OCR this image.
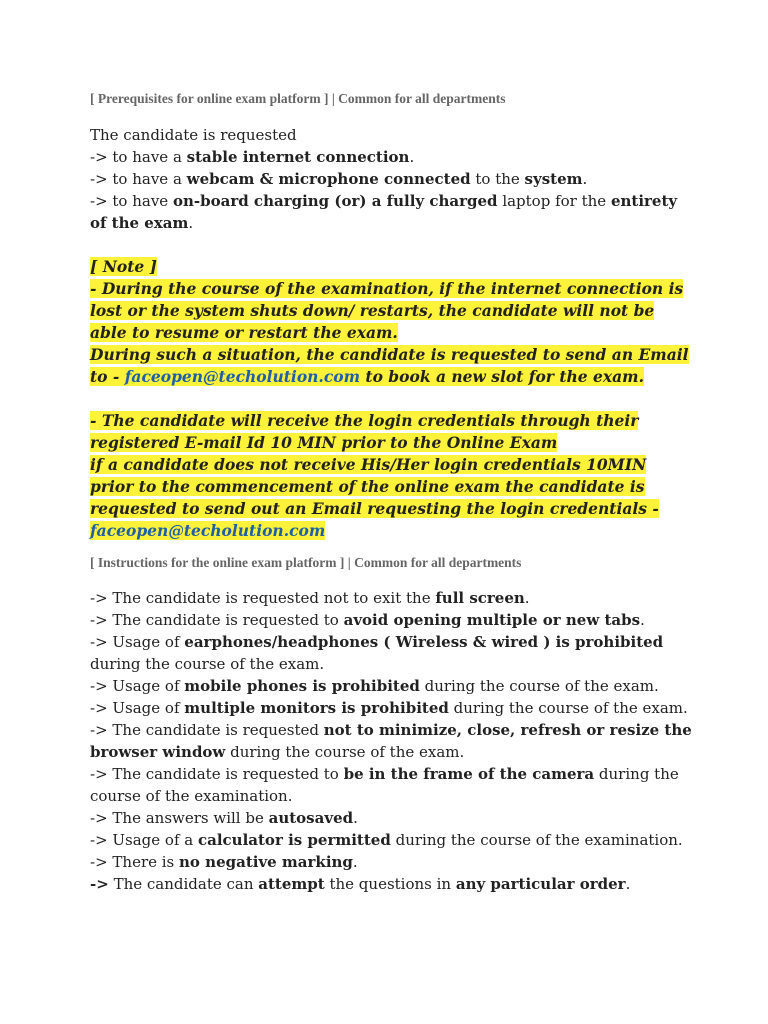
[ Prerequisites for online exam platform ] | Common for all departments
The candidate is requested
-> to have a stable internet connection.
-> to have a webcam & microphone connected to the system.
-> to have on-board charging (or) a fully charged laptop for the entirety
of the exam.
[ Note ]
- During the course of the examination, if the internet connection is
lost or the system shuts down/ restarts, the candidate will not be
able to resume or restart the exam.
During such a situation, the candidate is requested to send an Email
to - faceopen@techolution.com to book a new slot for the exam.
- The candidate will receive the login credentials through their
registered E-mail Id 10 MIN prior to the Online Exam
if a candidate does not receive His/Her login credentials 10MIN
prior to the commencement of the online exam the candidate is
requested to send out an Email requesting the login credentials -
faceopen@techolution.com
[ Instructions for the online exam platform ] | Common for all departments
-> The candidate is requested not to exit the full screen.
-> The candidate is requested to avoid opening multiple or new tabs.
-> Usage of earphones/headphones ( Wireless & wired ) is prohibited
during the course of the exam.
-> Usage of mobile phones is prohibited during the course of the exam.
-> Usage of multiple monitors is prohibited during the course of the exam.
-> The candidate is requested not to minimize, close, refresh or resize the
browser window during the course of the exam.
-> The candidate is requested to be in the frame of the camera during the
course of the examination.
-> The answers will be autosaved.
-> Usage of a calculator is permitted during the course of the examination.
-> There is no negative marking.
-> The candidate can attempt the questions in any particular order.
